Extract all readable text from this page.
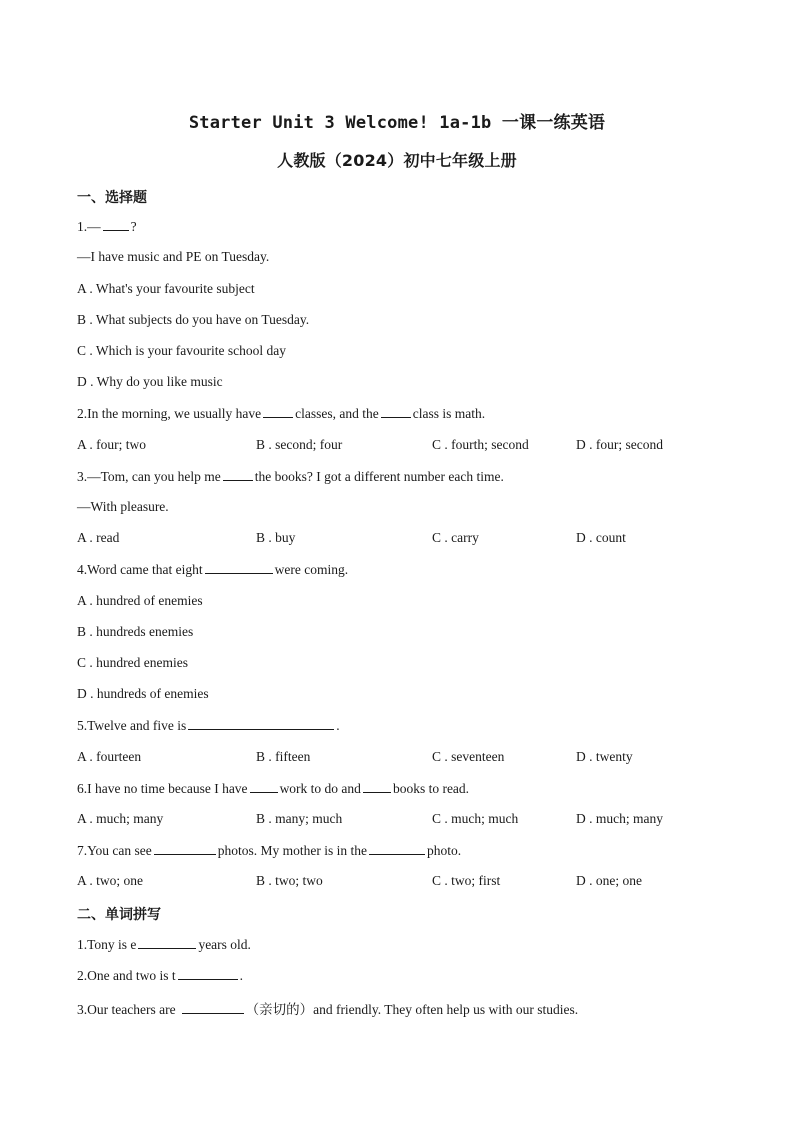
Starter Unit 3 Welcome! 1a-1b 一课一练英语
人教版（2024）初中七年级上册
一、选择题
1.— ?
—I have music and PE on Tuesday.
A . What's your favourite subject
B . What subjects do you have on Tuesday.
C . Which is your favourite school day
D . Why do you like music
2.In the morning, we usually have	classes, and the	class is math.
A . four; two	B . second; four	C . fourth; second	D . four; second
3.—Tom, can you help me	the books? I got a different number each time.
—With pleasure.
A . read	B . buy	C . carry	D . count
4.Word came that eight	were coming.
A . hundred of enemies
B . hundreds enemies
C . hundred enemies
D . hundreds of enemies
5.Twelve and five is	.
A . fourteen	B . fifteen	C . seventeen	D . twenty
6.I have no time because I have work to do and books to read.
A . much; many	B . many; much	C . much; much	D . much; many
7.You can see	photos. My mother is in the	photo.
A . two; one	B . two; two	C . two; first	D . one; one
二、单词拼写
1.Tony is e	years old.
2.One and two is t	.
3.Our teachers are	（亲切的）and friendly. They often help us with our studies.
